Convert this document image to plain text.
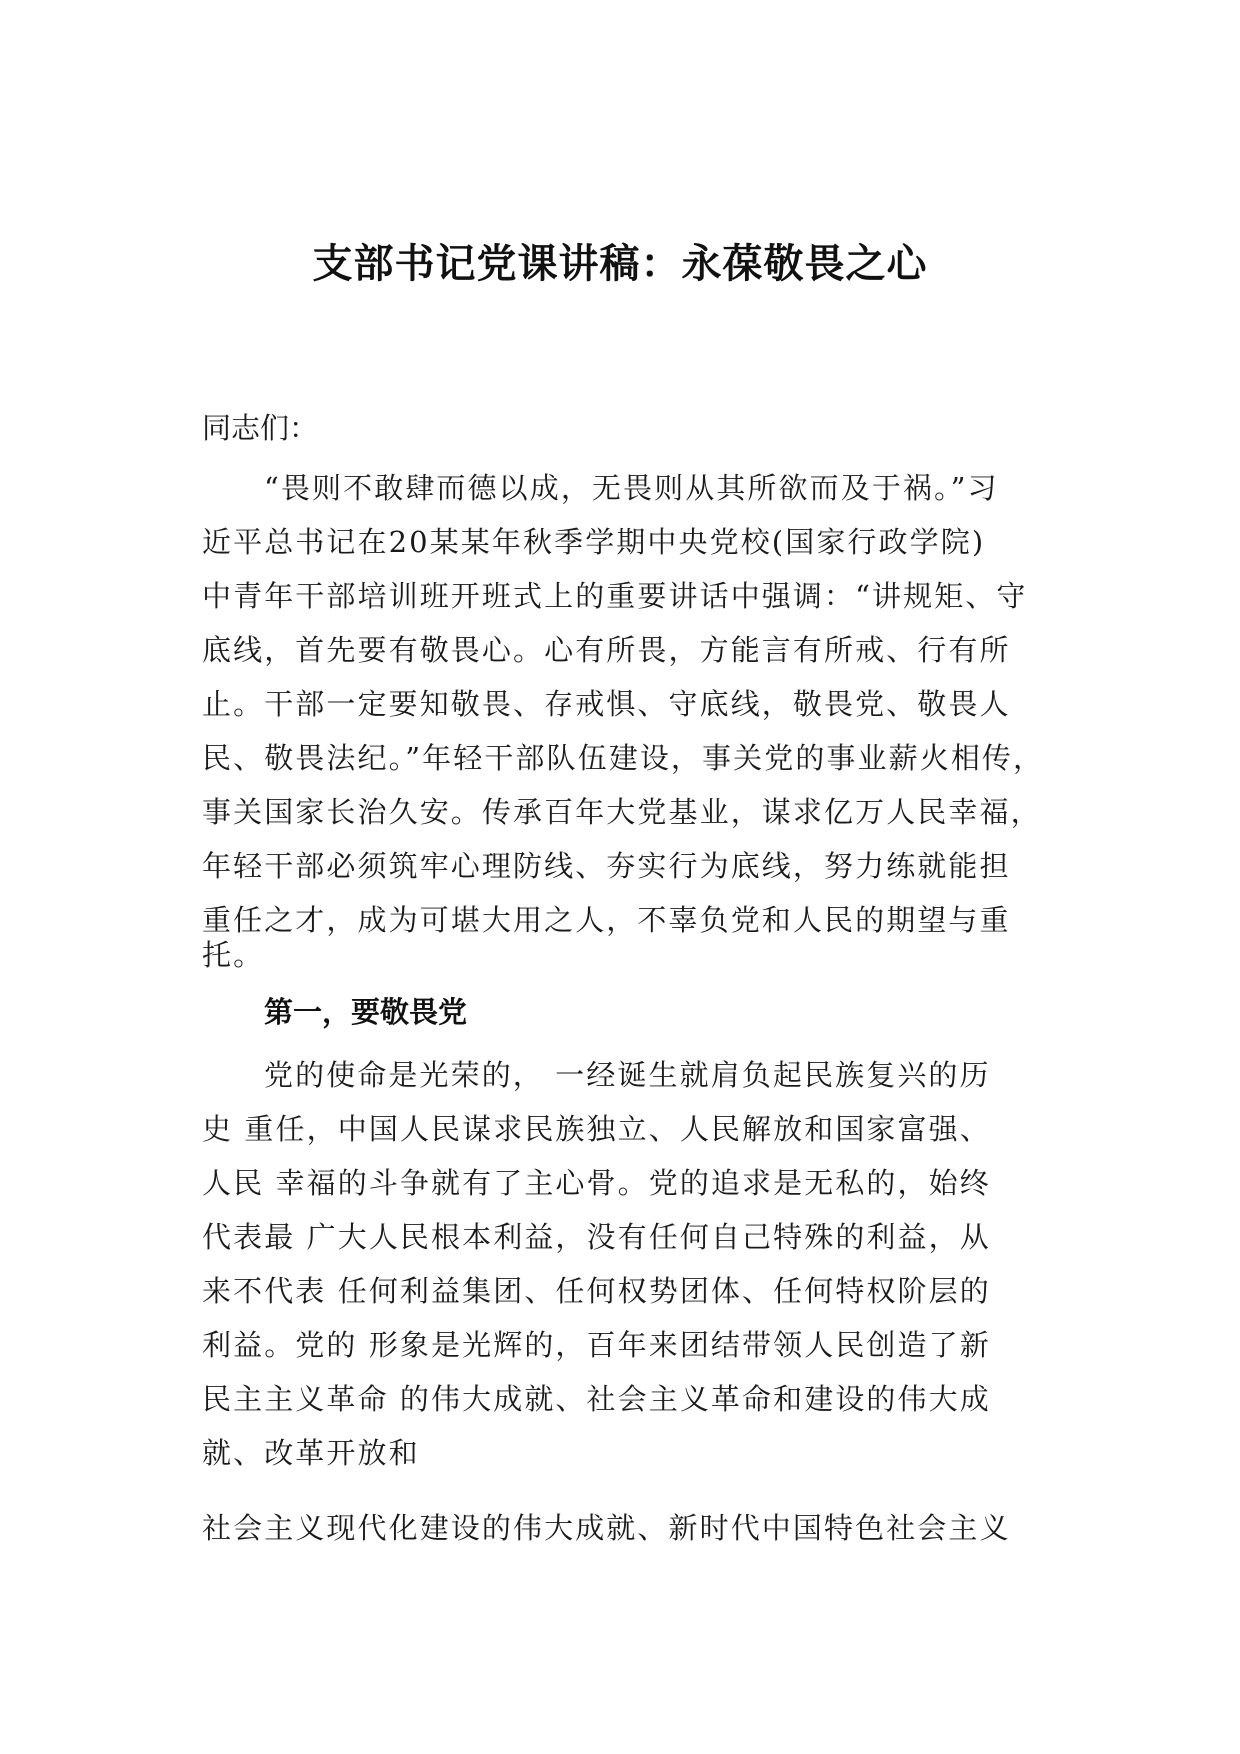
支部书记党课讲稿：永葆敬畏之心
同志们：
“畏则不敢肆而德以成，无畏则从其所欲而及于祸。”习
近平总书记在20某某年秋季学期中央党校(国家行政学院)
中青年干部培训班开班式上的重要讲话中强调：“讲规矩、守
底线，首先要有敬畏心。心有所畏，方能言有所戒、行有所
止。干部一定要知敬畏、存戒惧、守底线，敬畏党、敬畏人
民、敬畏法纪。”年轻干部队伍建设，事关党的事业薪火相传，
事关国家长治久安。传承百年大党基业，谋求亿万人民幸福，
年轻干部必须筑牢心理防线、夯实行为底线，努力练就能担
重任之才，成为可堪大用之人，不辜负党和人民的期望与重
托。
第一，要敬畏党
党的使命是光荣的， 一经诞生就肩负起民族复兴的历
史 重任，中国人民谋求民族独立、人民解放和国家富强、
人民 幸福的斗争就有了主心骨。党的追求是无私的，始终
代表最 广大人民根本利益，没有任何自己特殊的利益，从
来不代表 任何利益集团、任何权势团体、任何特权阶层的
利益。党的 形象是光辉的，百年来团结带领人民创造了新
民主主义革命 的伟大成就、社会主义革命和建设的伟大成
就、改革开放和
社会主义现代化建设的伟大成就、新时代中国特色社会主义
